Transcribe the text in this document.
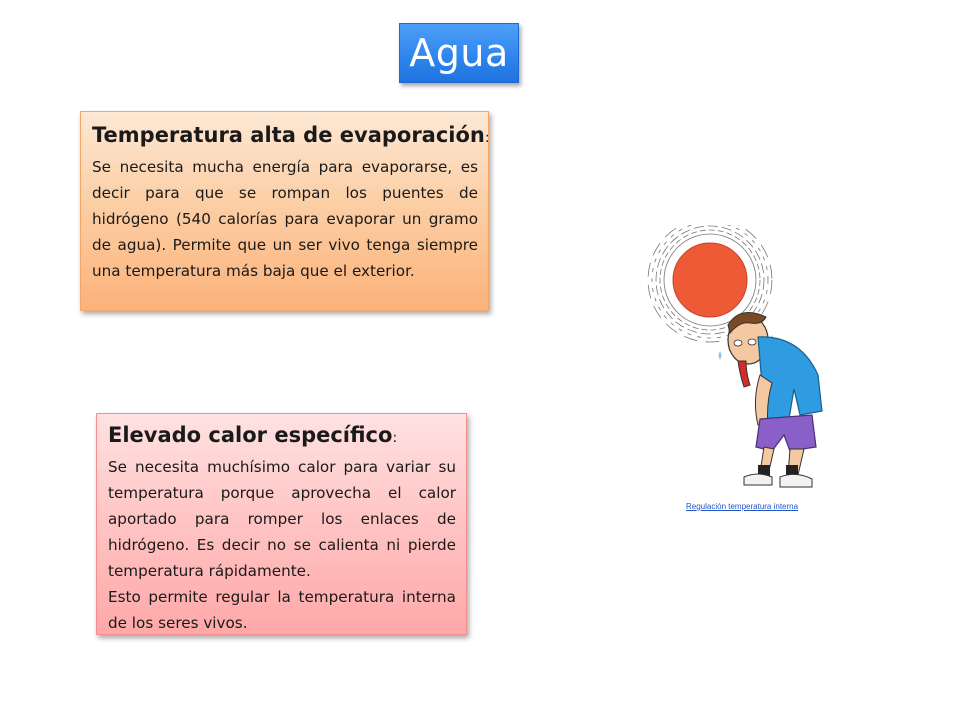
Agua
Temperatura alta de evaporación:

Se necesita mucha energía para evaporarse, es decir para que se rompan los puentes de hidrógeno (540 calorías para evaporar un gramo de agua). Permite que un ser vivo tenga siempre una temperatura más baja que el exterior.

Elevado calor específico:

Se necesita muchísimo calor para variar su temperatura porque aprovecha el calor aportado para romper los enlaces de hidrógeno. Es decir no se calienta ni pierde temperatura rápidamente.

Esto permite regular la temperatura interna de los seres vivos.

Regulación temperatura interna
